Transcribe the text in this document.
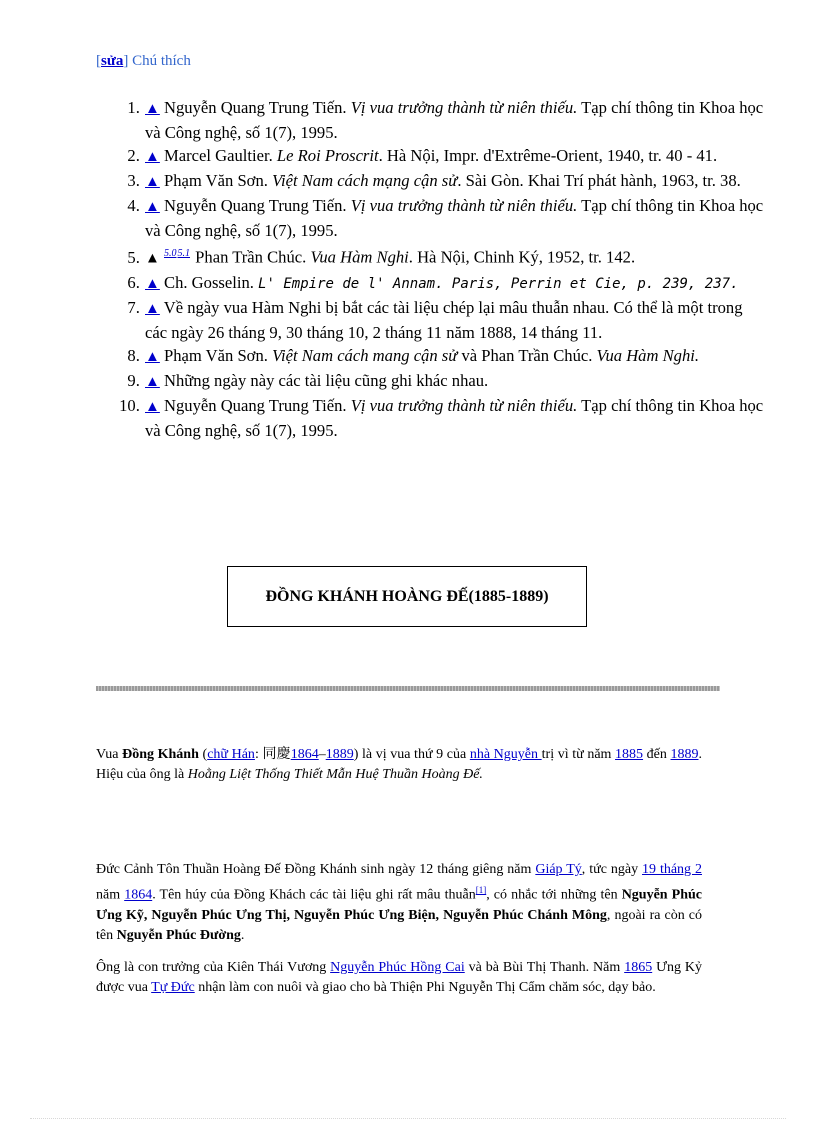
[sửa] Chú thích
1. ▲ Nguyễn Quang Trung Tiến. Vị vua trưởng thành từ niên thiếu. Tạp chí thông tin Khoa học và Công nghệ, số 1(7), 1995.
2. ▲ Marcel Gaultier. Le Roi Proscrit. Hà Nội, Impr. d'Extrême-Orient, 1940, tr. 40 - 41.
3. ▲ Phạm Văn Sơn. Việt Nam cách mạng cận sử. Sài Gòn. Khai Trí phát hành, 1963, tr. 38.
4. ▲ Nguyễn Quang Trung Tiến. Vị vua trưởng thành từ niên thiếu. Tạp chí thông tin Khoa học và Công nghệ, số 1(7), 1995.
5. ▲ $^{5.05.1}$ Phan Trần Chúc. Vua Hàm Nghi. Hà Nội, Chinh Ký, 1952, tr. 142.
6. ▲ Ch. Gosselin. L' Empire de l' Annam. Paris, Perrin et Cie, p. 239, 237.
7. ▲ Về ngày vua Hàm Nghi bị bắt các tài liệu chép lại mâu thuẫn nhau. Có thể là một trong các ngày 26 tháng 9, 30 tháng 10, 2 tháng 11 năm 1888, 14 tháng 11.
8. ▲ Phạm Văn Sơn. Việt Nam cách mang cận sử và Phan Trần Chúc. Vua Hàm Nghi.
9. ▲ Những ngày này các tài liệu cũng ghi khác nhau.
10. ▲ Nguyễn Quang Trung Tiến. Vị vua trưởng thành từ niên thiếu. Tạp chí thông tin Khoa học và Công nghệ, số 1(7), 1995.
ĐỒNG KHÁNH HOÀNG ĐẾ(1885-1889)

Vua Đồng Khánh (chữ Hán: 同慶1864–1889) là vị vua thứ 9 của nhà Nguyễn trị vì từ năm 1885 đến 1889. Hiệu của ông là Hoằng Liệt Thống Thiết Mẫn Huệ Thuần Hoàng Đế.

Đức Cảnh Tôn Thuần Hoàng Đế Đồng Khánh sinh ngày 12 tháng giêng năm Giáp Tý, tức ngày 19 tháng 2 năm 1864. Tên húy của Đồng Khách các tài liệu ghi rất mâu thuẫn[1], có nhắc tới những tên Nguyễn Phúc Ưng Kỹ, Nguyễn Phúc Ưng Thị, Nguyễn Phúc Ưng Biện, Nguyễn Phúc Chánh Mông, ngoài ra còn có tên Nguyễn Phúc Đường.

Ông là con trưởng của Kiên Thái Vương Nguyễn Phúc Hồng Cai và bà Bùi Thị Thanh. Năm 1865 Ưng Kỷ được vua Tự Đức nhận làm con nuôi và giao cho bà Thiện Phi Nguyễn Thị Cẩm chăm sóc, dạy bảo.
